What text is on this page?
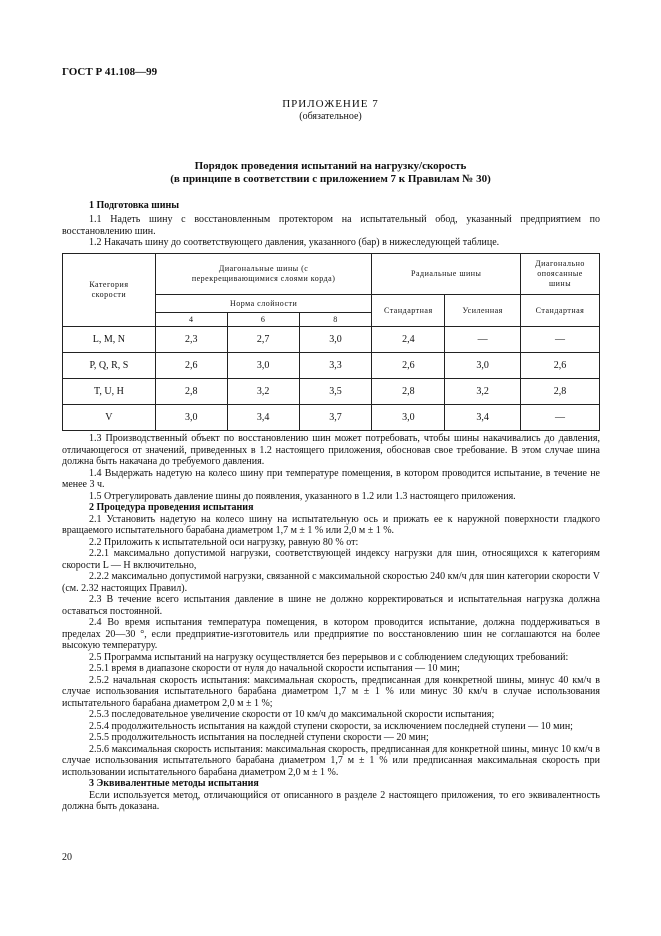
ГОСТ Р 41.108—99
ПРИЛОЖЕНИЕ 7
(обязательное)
Порядок проведения испытаний на нагрузку/скорость
(в принципе в соответствии с приложением 7 к Правилам № 30)
1 Подготовка шины
1.1 Надеть шину с восстановленным протектором на испытательный обод, указанный предприятием по восстановлению шин.
1.2 Накачать шину до соответствующего давления, указанного (бар) в нижеследующей таблице.
Категория скорости	Диагональные шины (с перекрещивающимися слоями корда)			Радиальные шины		Диагонально опоясанные шины
	Норма слойности			Стандартная	Усиленная	Стандартная
	4	6	8			
L, M, N	2,3	2,7	3,0	2,4	—	—
P, Q, R, S	2,6	3,0	3,3	2,6	3,0	2,6
T, U, H	2,8	3,2	3,5	2,8	3,2	2,8
V	3,0	3,4	3,7	3,0	3,4	—

1.3 Производственный объект по восстановлению шин может потребовать, чтобы шины накачивались до давления, отличающегося от значений, приведенных в 1.2 настоящего приложения, обосновав свое требование. В этом случае шина должна быть накачана до требуемого давления.

1.4 Выдержать надетую на колесо шину при температуре помещения, в котором проводится испытание, в течение не менее 3 ч.

1.5 Отрегулировать давление шины до появления, указанного в 1.2 или 1.3 настоящего приложения.

2 Процедура проведения испытания

2.1 Установить надетую на колесо шину на испытательную ось и прижать ее к наружной поверхности гладкого вращаемого испытательного барабана диаметром 1,7 м ± 1 % или 2,0 м ± 1 %.

2.2 Приложить к испытательной оси нагрузку, равную 80 % от:

2.2.1 максимально допустимой нагрузки, соответствующей индексу нагрузки для шин, относящихся к категориям скорости L — H включительно,

2.2.2 максимально допустимой нагрузки, связанной с максимальной скоростью 240 км/ч для шин категории скорости V (см. 2.32 настоящих Правил).

2.3 В течение всего испытания давление в шине не должно корректироваться и испытательная нагрузка должна оставаться постоянной.

2.4 Во время испытания температура помещения, в котором проводится испытание, должна поддерживаться в пределах 20—30 °, если предприятие-изготовитель или предприятие по восстановлению шин не соглашаются на более высокую температуру.

2.5 Программа испытаний на нагрузку осуществляется без перерывов и с соблюдением следующих требований:

2.5.1 время в диапазоне скорости от нуля до начальной скорости испытания — 10 мин;

2.5.2 начальная скорость испытания: максимальная скорость, предписанная для конкретной шины, минус 40 км/ч в случае использования испытательного барабана диаметром 1,7 м ± 1 % или минус 30 км/ч в случае использования испытательного барабана диаметром 2,0 м ± 1 %;

2.5.3 последовательное увеличение скорости от 10 км/ч до максимальной скорости испытания;

2.5.4 продолжительность испытания на каждой ступени скорости, за исключением последней ступени — 10 мин;

2.5.5 продолжительность испытания на последней ступени скорости — 20 мин;

2.5.6 максимальная скорость испытания: максимальная скорость, предписанная для конкретной шины, минус 10 км/ч в случае использования испытательного барабана диаметром 1,7 м ± 1 % или предписанная максимальная скорость при использовании испытательного барабана диаметром 2,0 м ± 1 %.

3 Эквивалентные методы испытания

Если используется метод, отличающийся от описанного в разделе 2 настоящего приложения, то его эквивалентность должна быть доказана.

20
